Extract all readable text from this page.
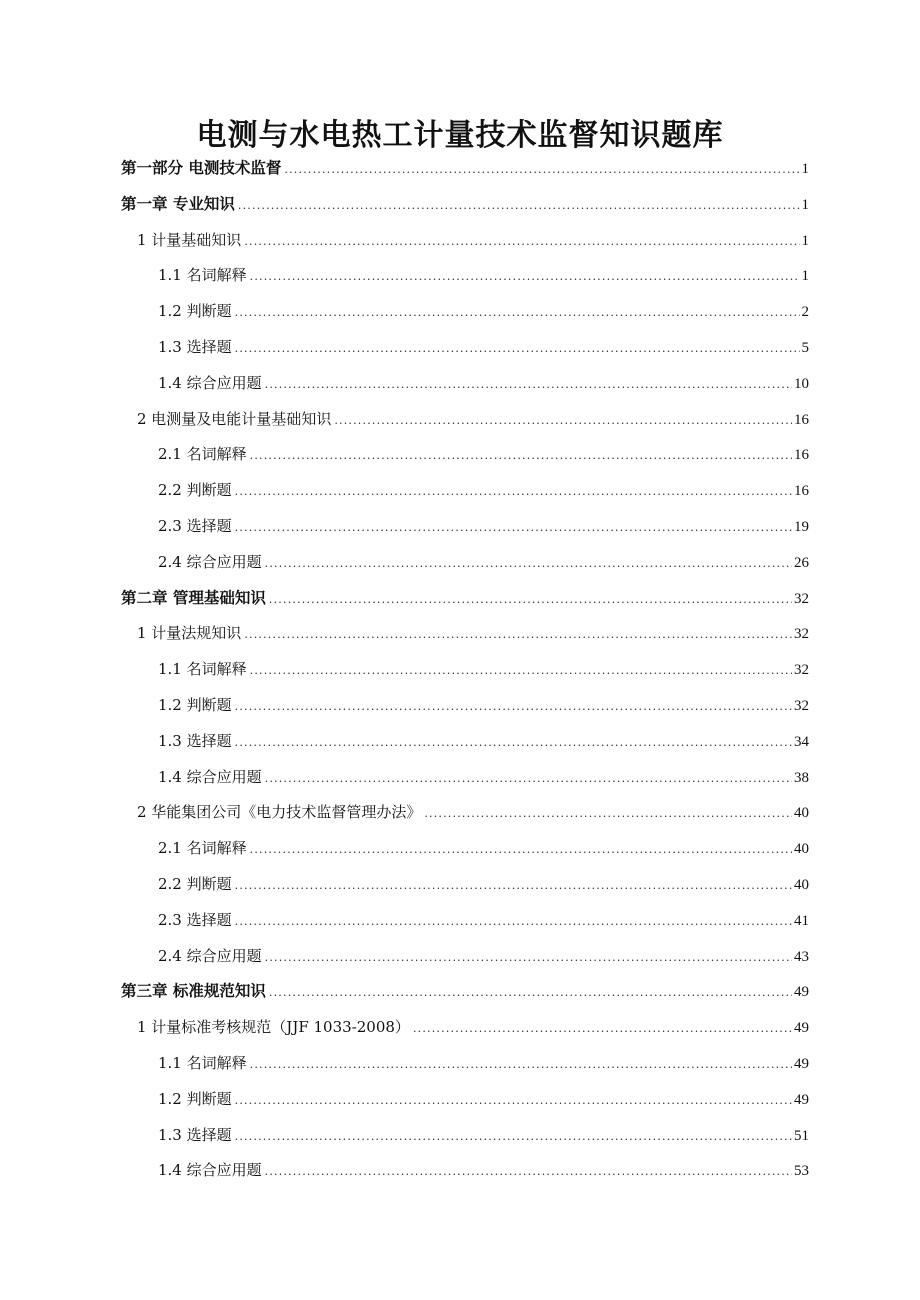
电测与水电热工计量技术监督知识题库
第一部分 电测技术监督 .....	1
第一章 专业知识 .....	1
1 计量基础知识 .....	1
1.1 名词解释 .....	1
1.2 判断题 .....	2
1.3 选择题 .....	5
1.4 综合应用题 .....	10
2 电测量及电能计量基础知识 .....	16
2.1 名词解释 .....	16
2.2 判断题 .....	16
2.3 选择题 .....	19
2.4 综合应用题 .....	26
第二章 管理基础知识 .....	32
1 计量法规知识 .....	32
1.1 名词解释 .....	32
1.2 判断题 .....	32
1.3 选择题 .....	34
1.4 综合应用题 .....	38
2 华能集团公司《电力技术监督管理办法》 .....	40
2.1 名词解释 .....	40
2.2 判断题 .....	40
2.3 选择题 .....	41
2.4 综合应用题 .....	43
第三章 标准规范知识 .....	49
1 计量标准考核规范（JJF 1033-2008） .....	49
1.1 名词解释 .....	49
1.2 判断题 .....	49
1.3 选择题 .....	51
1.4 综合应用题 .....	53
